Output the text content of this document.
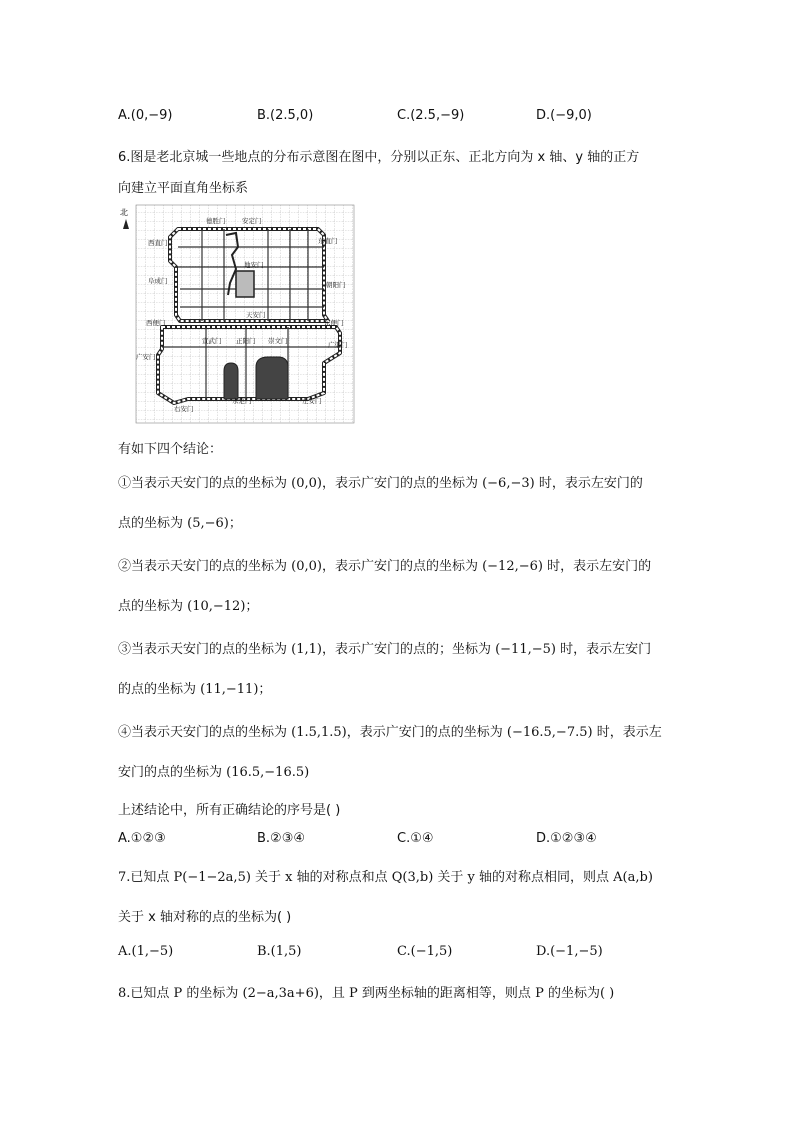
A.(0,−9)	B.(2.5,0)	C.(2.5,−9)	D.(−9,0)
6.图是老北京城一些地点的分布示意图在图中，分别以正东、正北方向为 x 轴、y 轴的正方
向建立平面直角坐标系
北
德胜门	安定门
西直门	东直门
阜成门
地安门
朝阳门
西便门
天安门
东便门
宣武门 正阳门 崇文门
广安门
广渠门
永定门
右安门
左安门
有如下四个结论：
①当表示天安门的点的坐标为 (0,0)，表示广安门的点的坐标为 (−6,−3) 时，表示左安门的
点的坐标为 (5,−6)；
②当表示天安门的点的坐标为 (0,0)，表示广安门的点的坐标为 (−12,−6) 时，表示左安门的
点的坐标为 (10,−12)；
③当表示天安门的点的坐标为 (1,1)，表示广安门的点的；坐标为 (−11,−5) 时，表示左安门
的点的坐标为 (11,−11)；
④当表示天安门的点的坐标为 (1.5,1.5)，表示广安门的点的坐标为 (−16.5,−7.5) 时，表示左
安门的点的坐标为 (16.5,−16.5)
上述结论中，所有正确结论的序号是( )
A.①②③	B.②③④	C.①④	D.①②③④
7.已知点 P(−1−2a,5) 关于 x 轴的对称点和点 Q(3,b) 关于 y 轴的对称点相同，则点 A(a,b)
关于 x 轴对称的点的坐标为( )
A.(1,−5)	B.(1,5)	C.(−1,5)	D.(−1,−5)
8.已知点 P 的坐标为 (2−a,3a+6)，且 P 到两坐标轴的距离相等，则点 P 的坐标为( )
